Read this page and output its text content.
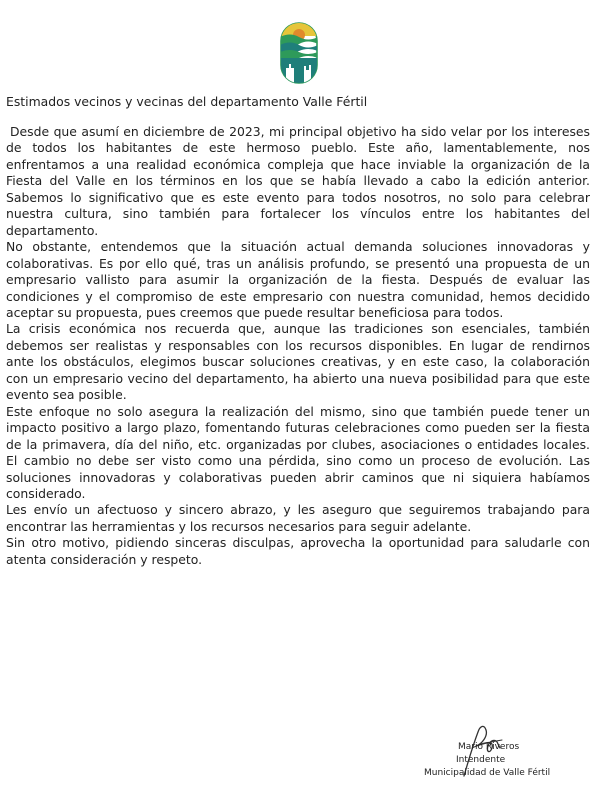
Estimados vecinos y vecinas del departamento Valle Fértil

Desde que asumí en diciembre de 2023, mi principal objetivo ha sido velar por los intereses de todos los habitantes de este hermoso pueblo. Este año, lamentablemente, nos enfrentamos a una realidad económica compleja que hace inviable la organización de la Fiesta del Valle en los términos en los que se había llevado a cabo la edición anterior. Sabemos lo significativo que es este evento para todos nosotros, no solo para celebrar nuestra cultura, sino también para fortalecer los vínculos entre los habitantes del departamento.

No obstante, entendemos que la situación actual demanda soluciones innovadoras y colaborativas. Es por ello qué, tras un análisis profundo, se presentó una propuesta de un empresario vallisto para asumir la organización de la fiesta. Después de evaluar las condiciones y el compromiso de este empresario con nuestra comunidad, hemos decidido aceptar su propuesta, pues creemos que puede resultar beneficiosa para todos.

La crisis económica nos recuerda que, aunque las tradiciones son esenciales, también debemos ser realistas y responsables con los recursos disponibles. En lugar de rendirnos ante los obstáculos, elegimos buscar soluciones creativas, y en este caso, la colaboración con un empresario vecino del departamento, ha abierto una nueva posibilidad para que este evento sea posible.

Este enfoque no solo asegura la realización del mismo, sino que también puede tener un impacto positivo a largo plazo, fomentando futuras celebraciones como pueden ser la fiesta de la primavera, día del niño, etc. organizadas por clubes, asociaciones o entidades locales. El cambio no debe ser visto como una pérdida, sino como un proceso de evolución. Las soluciones innovadoras y colaborativas pueden abrir caminos que ni siquiera habíamos considerado.

Les envío un afectuoso y sincero abrazo, y les aseguro que seguiremos trabajando para encontrar las herramientas y los recursos necesarios para seguir adelante.

Sin otro motivo, pidiendo sinceras disculpas, aprovecha la oportunidad para saludarle con atenta consideración y respeto.

Mario Riveros
Intendente
Municipalidad de Valle Fértil
